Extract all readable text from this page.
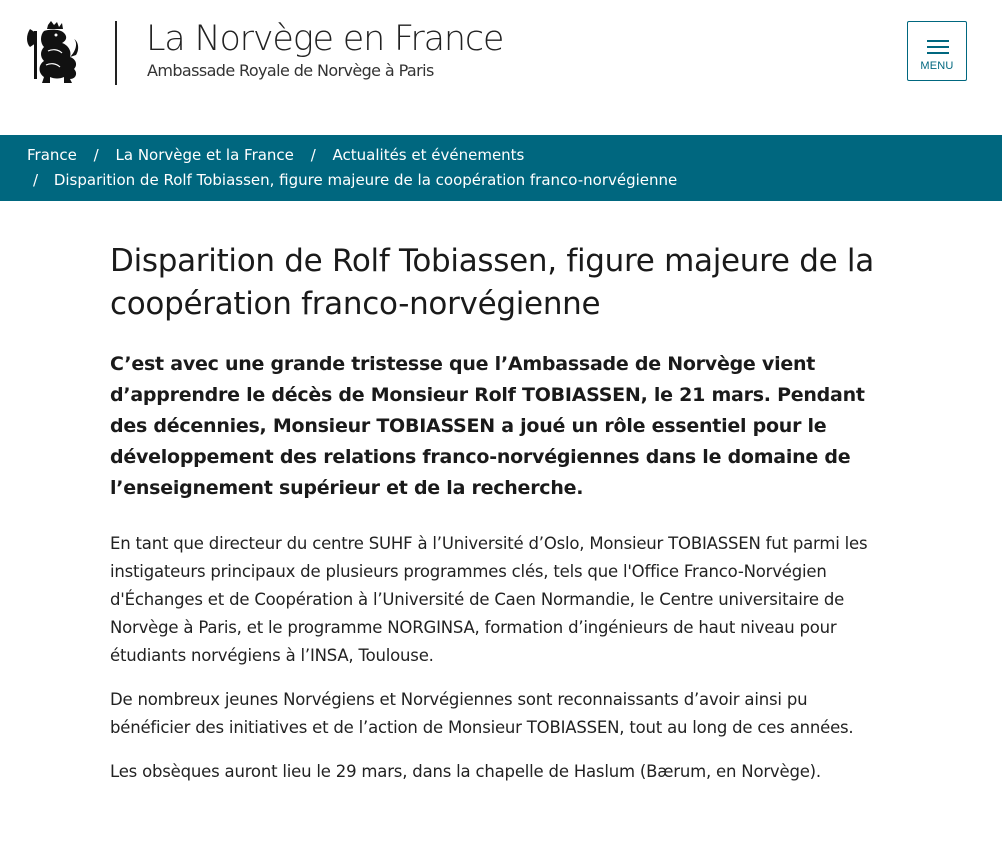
La Norvège en France
Ambassade Royale de Norvège à Paris	MENU
France / La Norvège et la France / Actualités et événements
/ Disparition de Rolf Tobiassen, figure majeure de la coopération franco-norvégienne
Disparition de Rolf Tobiassen, figure majeure de la coopération franco-norvégienne

C’est avec une grande tristesse que l’Ambassade de Norvège vient d’apprendre le décès de Monsieur Rolf TOBIASSEN, le 21 mars. Pendant des décennies, Monsieur TOBIASSEN a joué un rôle essentiel pour le développement des relations franco-norvégiennes dans le domaine de l’enseignement supérieur et de la recherche.

En tant que directeur du centre SUHF à l’Université d’Oslo, Monsieur TOBIASSEN fut parmi les instigateurs principaux de plusieurs programmes clés, tels que l'Office Franco-Norvégien d'Échanges et de Coopération à l’Université de Caen Normandie, le Centre universitaire de Norvège à Paris, et le programme NORGINSA, formation d’ingénieurs de haut niveau pour étudiants norvégiens à l’INSA, Toulouse.

De nombreux jeunes Norvégiens et Norvégiennes sont reconnaissants d’avoir ainsi pu bénéficier des initiatives et de l’action de Monsieur TOBIASSEN, tout au long de ces années.

Les obsèques auront lieu le 29 mars, dans la chapelle de Haslum (Bærum, en Norvège).
